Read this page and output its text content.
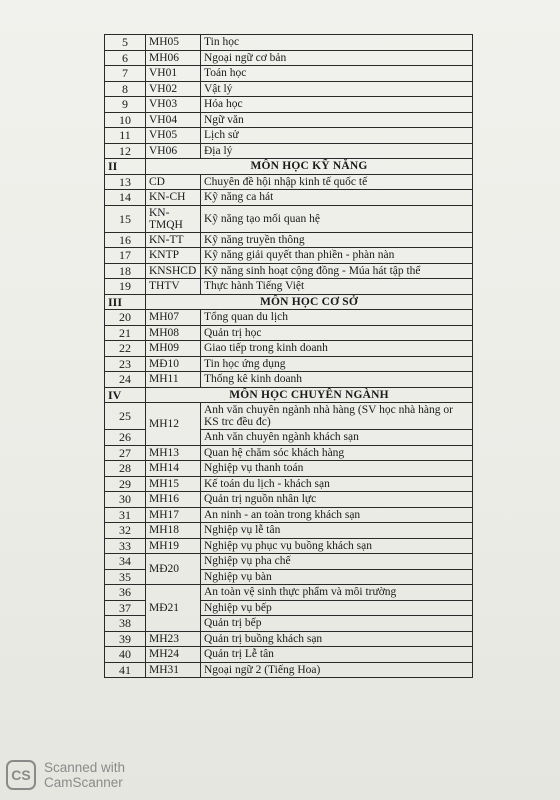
5	MH05	Tin học
6	MH06	Ngoại ngữ cơ bản
7	VH01	Toán học
8	VH02	Vật lý
9	VH03	Hóa học
10	VH04	Ngữ văn
11	VH05	Lịch sử
12	VH06	Địa lý
II	MÔN HỌC KỸ NĂNG	
13	CD	Chuyên đề hội nhập kinh tế quốc tế
14	KN-CH	Kỹ năng ca hát
15	KN-TMQH	Kỹ năng tạo mối quan hệ
16	KN-TT	Kỹ năng truyền thông
17	KNTP	Kỹ năng giải quyết than phiền - phàn nàn
18	KNSHCD	Kỹ năng sinh hoạt cộng đồng - Múa hát tập thể
19	THTV	Thực hành Tiếng Việt
III	MÔN HỌC CƠ SỞ	
20	MH07	Tổng quan du lịch
21	MH08	Quản trị học
22	MH09	Giao tiếp trong kinh doanh
23	MĐ10	Tin học ứng dụng
24	MH11	Thống kê kinh doanh
IV	MÔN HỌC CHUYÊN NGÀNH	
25	MH12	Anh văn chuyên ngành nhà hàng (SV học nhà hàng or KS trc đều đc)
26		Anh văn chuyên ngành khách sạn
27	MH13	Quan hệ chăm sóc khách hàng
28	MH14	Nghiệp vụ thanh toán
29	MH15	Kế toán du lịch - khách sạn
30	MH16	Quản trị nguồn nhân lực
31	MH17	An ninh - an toàn trong khách sạn
32	MH18	Nghiệp vụ lễ tân
33	MH19	Nghiệp vụ phục vụ buồng khách sạn
34	MĐ20	Nghiệp vụ pha chế
35		Nghiệp vụ bàn
36	MĐ21	An toàn vệ sinh thực phẩm và môi trường
37		Nghiệp vụ bếp
38		Quản trị bếp
39	MH23	Quản trị buồng khách sạn
40	MH24	Quản trị Lễ tân
41	MH31	Ngoại ngữ 2 (Tiếng Hoa)
CS Scanned with
CamScanner
